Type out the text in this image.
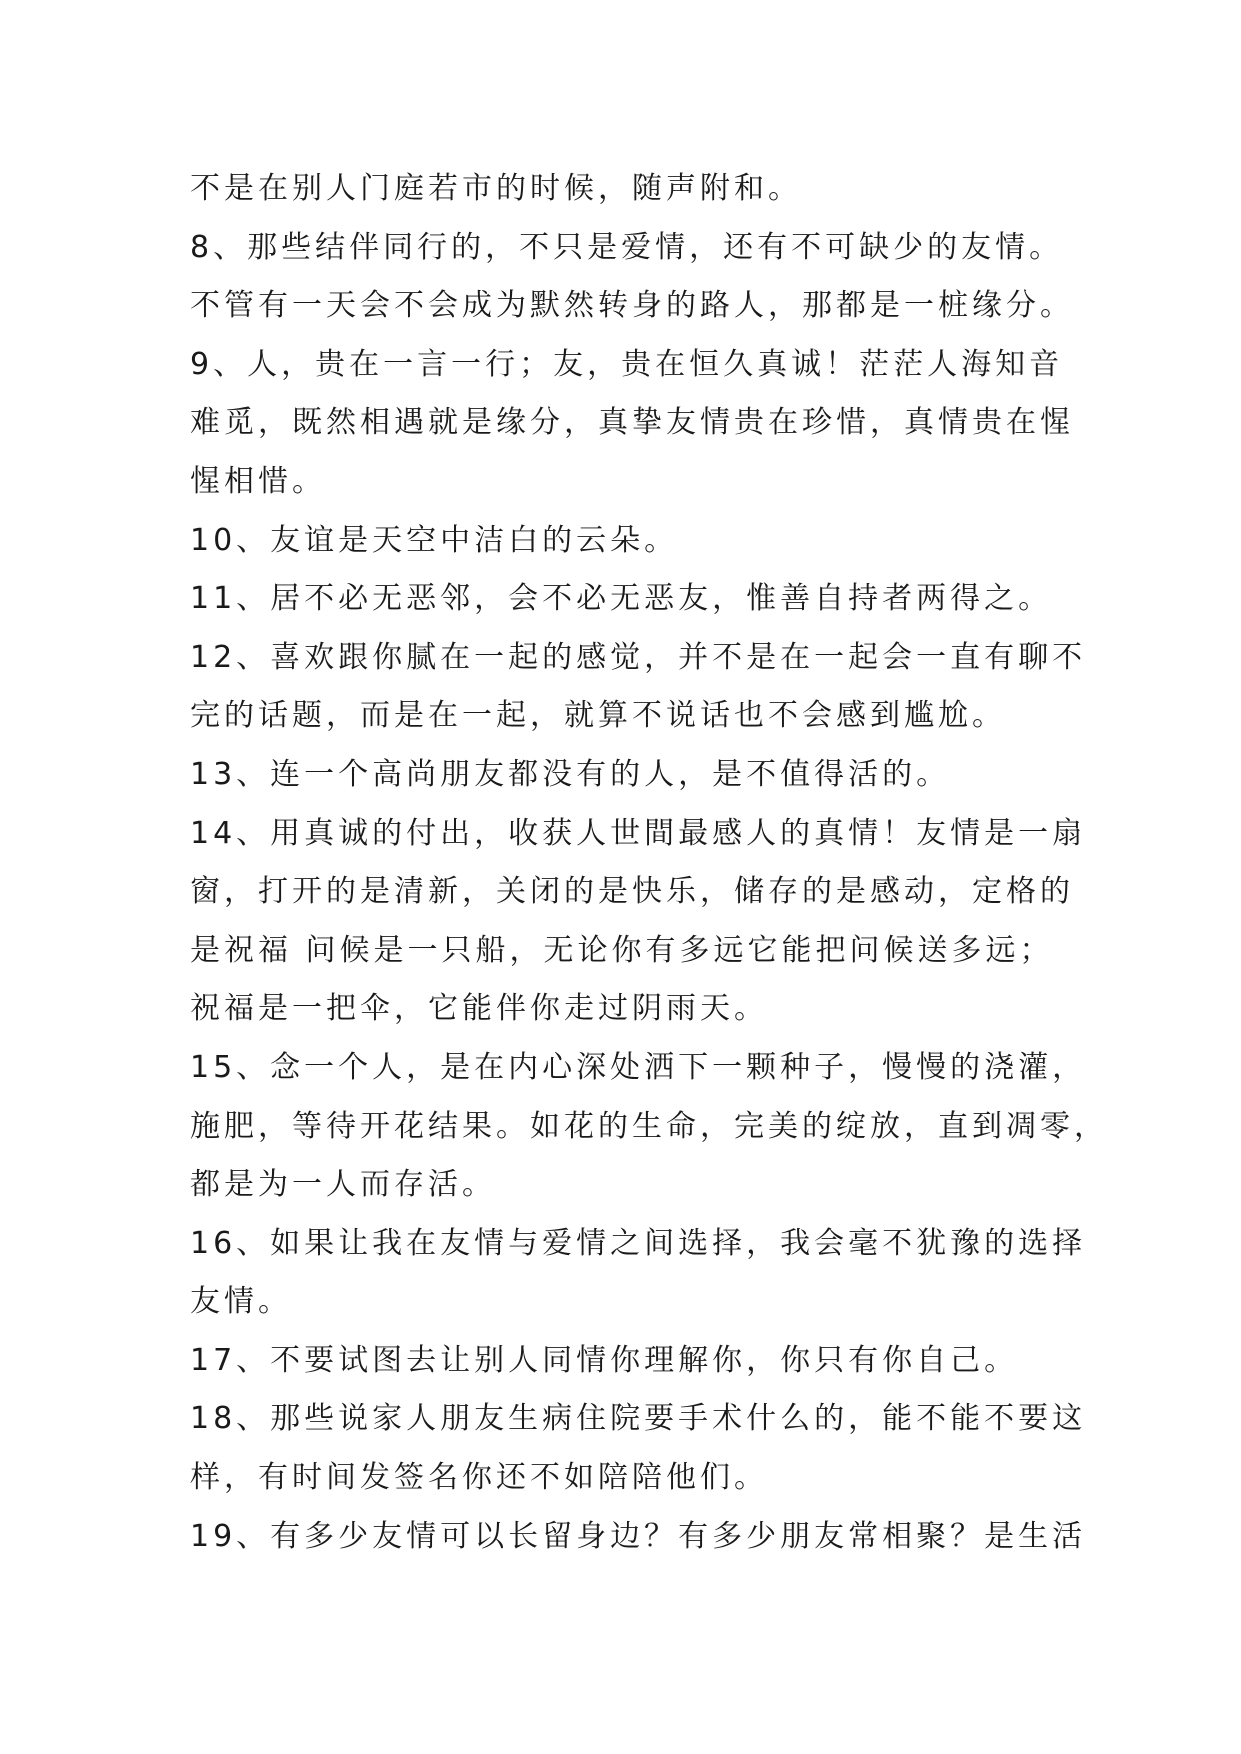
不是在别人门庭若市的时候，随声附和。
8、那些结伴同行的，不只是爱情，还有不可缺少的友情。
不管有一天会不会成为默然转身的路人，那都是一桩缘分。
9、人，贵在一言一行；友，贵在恒久真诚！茫茫人海知音
难觅，既然相遇就是缘分，真挚友情贵在珍惜，真情贵在惺
惺相惜。
10、友谊是天空中洁白的云朵。
11、居不必无恶邻，会不必无恶友，惟善自持者两得之。
12、喜欢跟你腻在一起的感觉，并不是在一起会一直有聊不
完的话题，而是在一起，就算不说话也不会感到尴尬。
13、连一个高尚朋友都没有的人，是不值得活的。
14、用真诚的付出，收获人世間最感人的真情！友情是一扇
窗，打开的是清新，关闭的是快乐，储存的是感动，定格的
是祝福 问候是一只船，无论你有多远它能把问候送多远；
祝福是一把伞，它能伴你走过阴雨天。
15、念一个人，是在内心深处洒下一颗种子，慢慢的浇灌，
施肥，等待开花结果。如花的生命，完美的绽放，直到凋零，
都是为一人而存活。
16、如果让我在友情与爱情之间选择，我会毫不犹豫的选择
友情。
17、不要试图去让别人同情你理解你，你只有你自己。
18、那些说家人朋友生病住院要手术什么的，能不能不要这
样，有时间发签名你还不如陪陪他们。
19、有多少友情可以长留身边？有多少朋友常相聚？是生活
